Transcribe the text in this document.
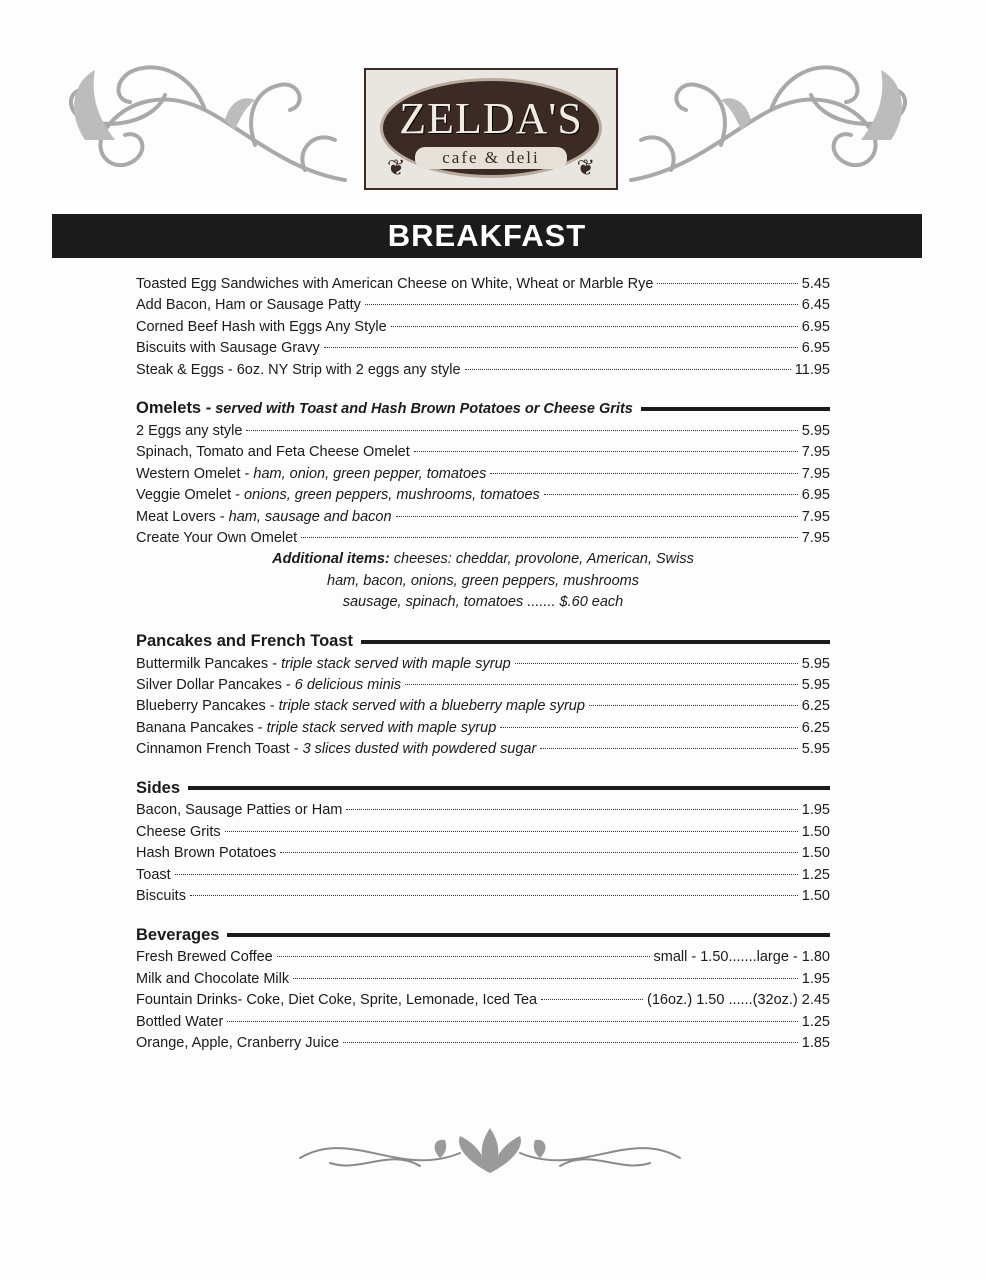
ZELDA'S
cafe & deli
❦	❦
BREAKFAST
Toasted Egg Sandwiches with American Cheese on White, Wheat or Marble Rye	5.45
Add Bacon, Ham or Sausage Patty	6.45
Corned Beef Hash with Eggs Any Style	6.95
Biscuits with Sausage Gravy	6.95
Steak & Eggs - 6oz. NY Strip with 2 eggs any style	11.95
Omelets - served with Toast and Hash Brown Potatoes or Cheese Grits
2 Eggs any style	5.95
Spinach, Tomato and Feta Cheese Omelet	7.95
Western Omelet - ham, onion, green pepper, tomatoes	7.95
Veggie Omelet - onions, green peppers, mushrooms, tomatoes	6.95
Meat Lovers - ham, sausage and bacon	7.95
Create Your Own Omelet	7.95
Additional items: cheeses: cheddar, provolone, American, Swiss
ham, bacon, onions, green peppers, mushrooms
sausage, spinach, tomatoes ....... $.60 each
Pancakes and French Toast
Buttermilk Pancakes - triple stack served with maple syrup	5.95
Silver Dollar Pancakes - 6 delicious minis	5.95
Blueberry Pancakes - triple stack served with a blueberry maple syrup	6.25
Banana Pancakes - triple stack served with maple syrup	6.25
Cinnamon French Toast - 3 slices dusted with powdered sugar	5.95
Sides
Bacon, Sausage Patties or Ham	1.95
Cheese Grits	1.50
Hash Brown Potatoes	1.50
Toast	1.25
Biscuits	1.50
Beverages
Fresh Brewed Coffee	small - 1.50.......large - 1.80
Milk and Chocolate Milk	1.95
Fountain Drinks- Coke, Diet Coke, Sprite, Lemonade, Iced Tea	(16oz.) 1.50 ......(32oz.) 2.45
Bottled Water	1.25
Orange, Apple, Cranberry Juice	1.85
